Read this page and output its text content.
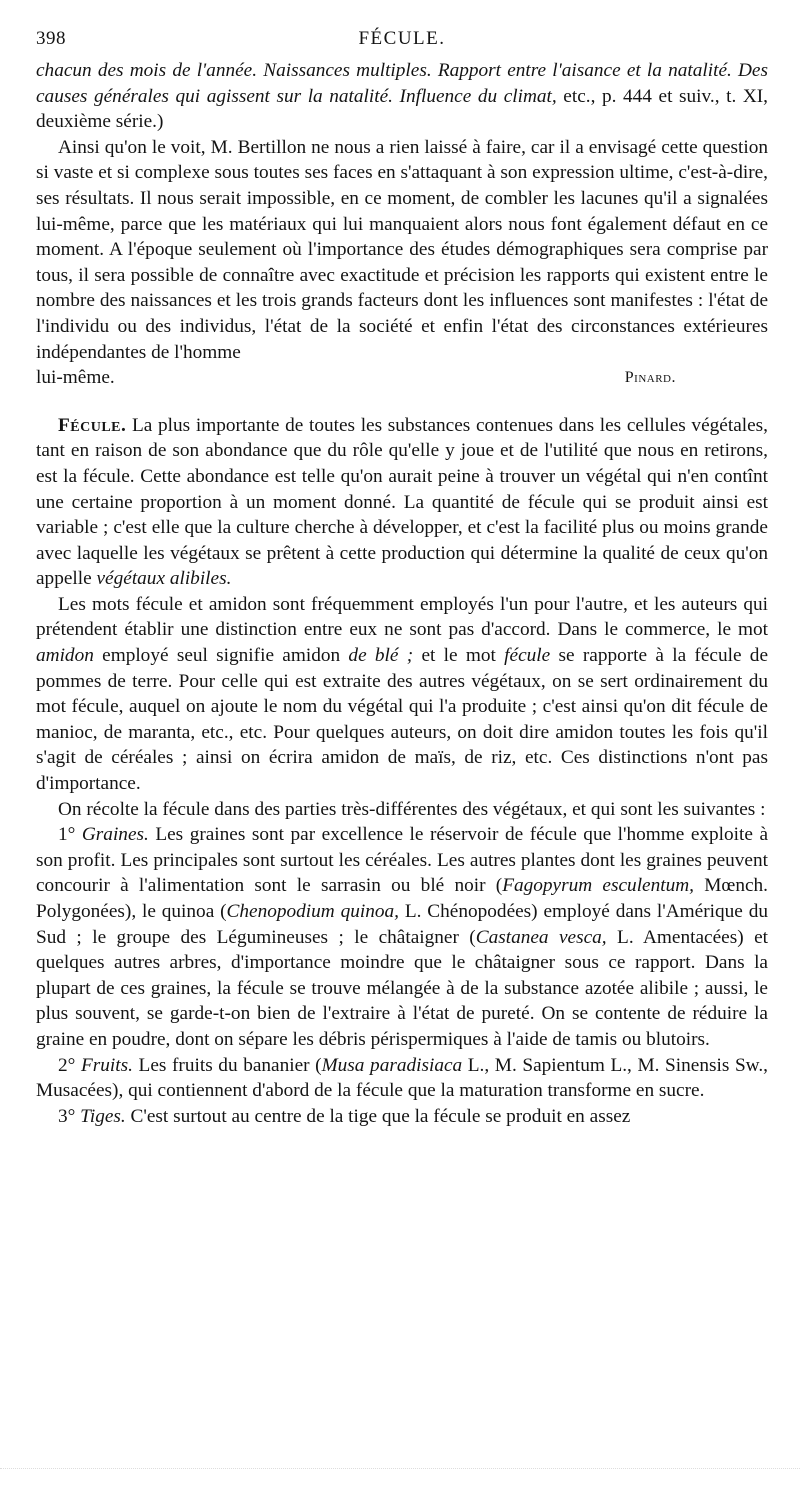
398	FÉCULE.

chacun des mois de l'année. Naissances multiples. Rapport entre l'aisance et la natalité. Des causes générales qui agissent sur la natalité. Influence du climat, etc., p. 444 et suiv., t. XI, deuxième série.)

Ainsi qu'on le voit, M. Bertillon ne nous a rien laissé à faire, car il a envisagé cette question si vaste et si complexe sous toutes ses faces en s'attaquant à son expression ultime, c'est-à-dire, ses résultats. Il nous serait impossible, en ce moment, de combler les lacunes qu'il a signalées lui-même, parce que les matériaux qui lui manquaient alors nous font également défaut en ce moment. A l'époque seulement où l'importance des études démographiques sera comprise par tous, il sera possible de connaître avec exactitude et précision les rapports qui existent entre le nombre des naissances et les trois grands facteurs dont les influences sont manifestes : l'état de l'individu ou des individus, l'état de la société et enfin l'état des circonstances extérieures indépendantes de l'homme

lui-même.	Pinard.

Fécule. La plus importante de toutes les substances contenues dans les cellules végétales, tant en raison de son abondance que du rôle qu'elle y joue et de l'utilité que nous en retirons, est la fécule. Cette abondance est telle qu'on aurait peine à trouver un végétal qui n'en contînt une certaine proportion à un moment donné. La quantité de fécule qui se produit ainsi est variable ; c'est elle que la culture cherche à développer, et c'est la facilité plus ou moins grande avec laquelle les végétaux se prêtent à cette production qui détermine la qualité de ceux qu'on appelle végétaux alibiles.

Les mots fécule et amidon sont fréquemment employés l'un pour l'autre, et les auteurs qui prétendent établir une distinction entre eux ne sont pas d'accord. Dans le commerce, le mot amidon employé seul signifie amidon de blé ; et le mot fécule se rapporte à la fécule de pommes de terre. Pour celle qui est extraite des autres végétaux, on se sert ordinairement du mot fécule, auquel on ajoute le nom du végétal qui l'a produite ; c'est ainsi qu'on dit fécule de manioc, de maranta, etc., etc. Pour quelques auteurs, on doit dire amidon toutes les fois qu'il s'agit de céréales ; ainsi on écrira amidon de maïs, de riz, etc. Ces distinctions n'ont pas d'importance.

On récolte la fécule dans des parties très-différentes des végétaux, et qui sont les suivantes :

1° Graines. Les graines sont par excellence le réservoir de fécule que l'homme exploite à son profit. Les principales sont surtout les céréales. Les autres plantes dont les graines peuvent concourir à l'alimentation sont le sarrasin ou blé noir (Fagopyrum esculentum, Mœnch. Polygonées), le quinoa (Chenopodium quinoa, L. Chénopodées) employé dans l'Amérique du Sud ; le groupe des Légumineuses ; le châtaigner (Castanea vesca, L. Amentacées) et quelques autres arbres, d'importance moindre que le châtaigner sous ce rapport. Dans la plupart de ces graines, la fécule se trouve mélangée à de la substance azotée alibile ; aussi, le plus souvent, se garde-t-on bien de l'extraire à l'état de pureté. On se contente de réduire la graine en poudre, dont on sépare les débris périspermiques à l'aide de tamis ou blutoirs.

2° Fruits. Les fruits du bananier (Musa paradisiaca L., M. Sapientum L., M. Sinensis Sw., Musacées), qui contiennent d'abord de la fécule que la maturation transforme en sucre.

3° Tiges. C'est surtout au centre de la tige que la fécule se produit en assez
